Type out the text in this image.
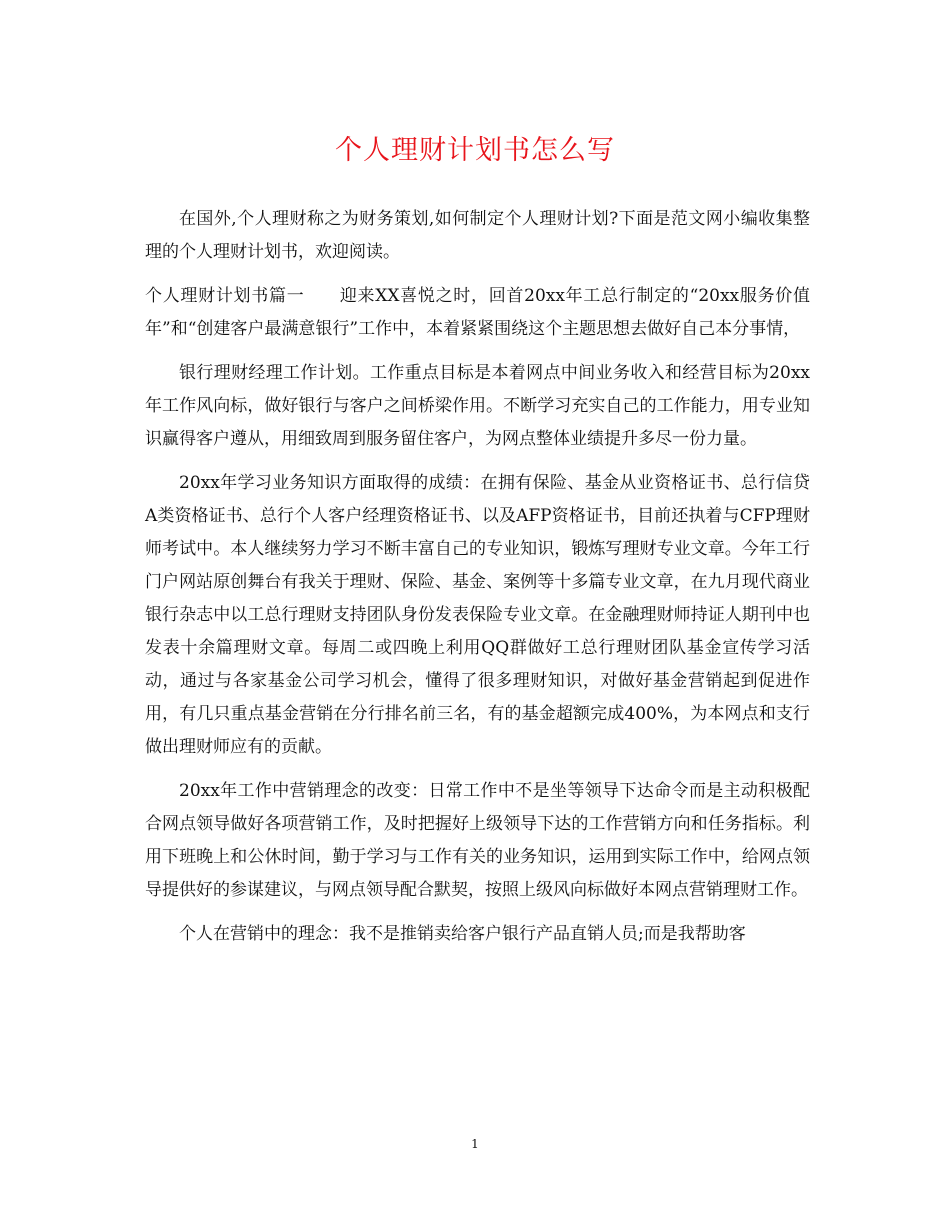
个人理财计划书怎么写

在国外,个人理财称之为财务策划,如何制定个人理财计划?下面是范文网小编收集整理的个人理财计划书，欢迎阅读。

个人理财计划书篇一　　迎来XX喜悦之时，回首20xx年工总行制定的“20xx服务价值年”和“创建客户最满意银行”工作中，本着紧紧围绕这个主题思想去做好自己本分事情，

银行理财经理工作计划。工作重点目标是本着网点中间业务收入和经营目标为20xx年工作风向标，做好银行与客户之间桥梁作用。不断学习充实自己的工作能力，用专业知识赢得客户遵从，用细致周到服务留住客户，为网点整体业绩提升多尽一份力量。

20xx年学习业务知识方面取得的成绩：在拥有保险、基金从业资格证书、总行信贷A类资格证书、总行个人客户经理资格证书、以及AFP资格证书，目前还执着与CFP理财师考试中。本人继续努力学习不断丰富自己的专业知识，锻炼写理财专业文章。今年工行门户网站原创舞台有我关于理财、保险、基金、案例等十多篇专业文章，在九月现代商业银行杂志中以工总行理财支持团队身份发表保险专业文章。在金融理财师持证人期刊中也发表十余篇理财文章。每周二或四晚上利用QQ群做好工总行理财团队基金宣传学习活动，通过与各家基金公司学习机会，懂得了很多理财知识，对做好基金营销起到促进作用，有几只重点基金营销在分行排名前三名，有的基金超额完成400%，为本网点和支行做出理财师应有的贡献。

20xx年工作中营销理念的改变：日常工作中不是坐等领导下达命令而是主动积极配合网点领导做好各项营销工作，及时把握好上级领导下达的工作营销方向和任务指标。利用下班晚上和公休时间，勤于学习与工作有关的业务知识，运用到实际工作中，给网点领导提供好的参谋建议，与网点领导配合默契，按照上级风向标做好本网点营销理财工作。

个人在营销中的理念：我不是推销卖给客户银行产品直销人员;而是我帮助客

1
